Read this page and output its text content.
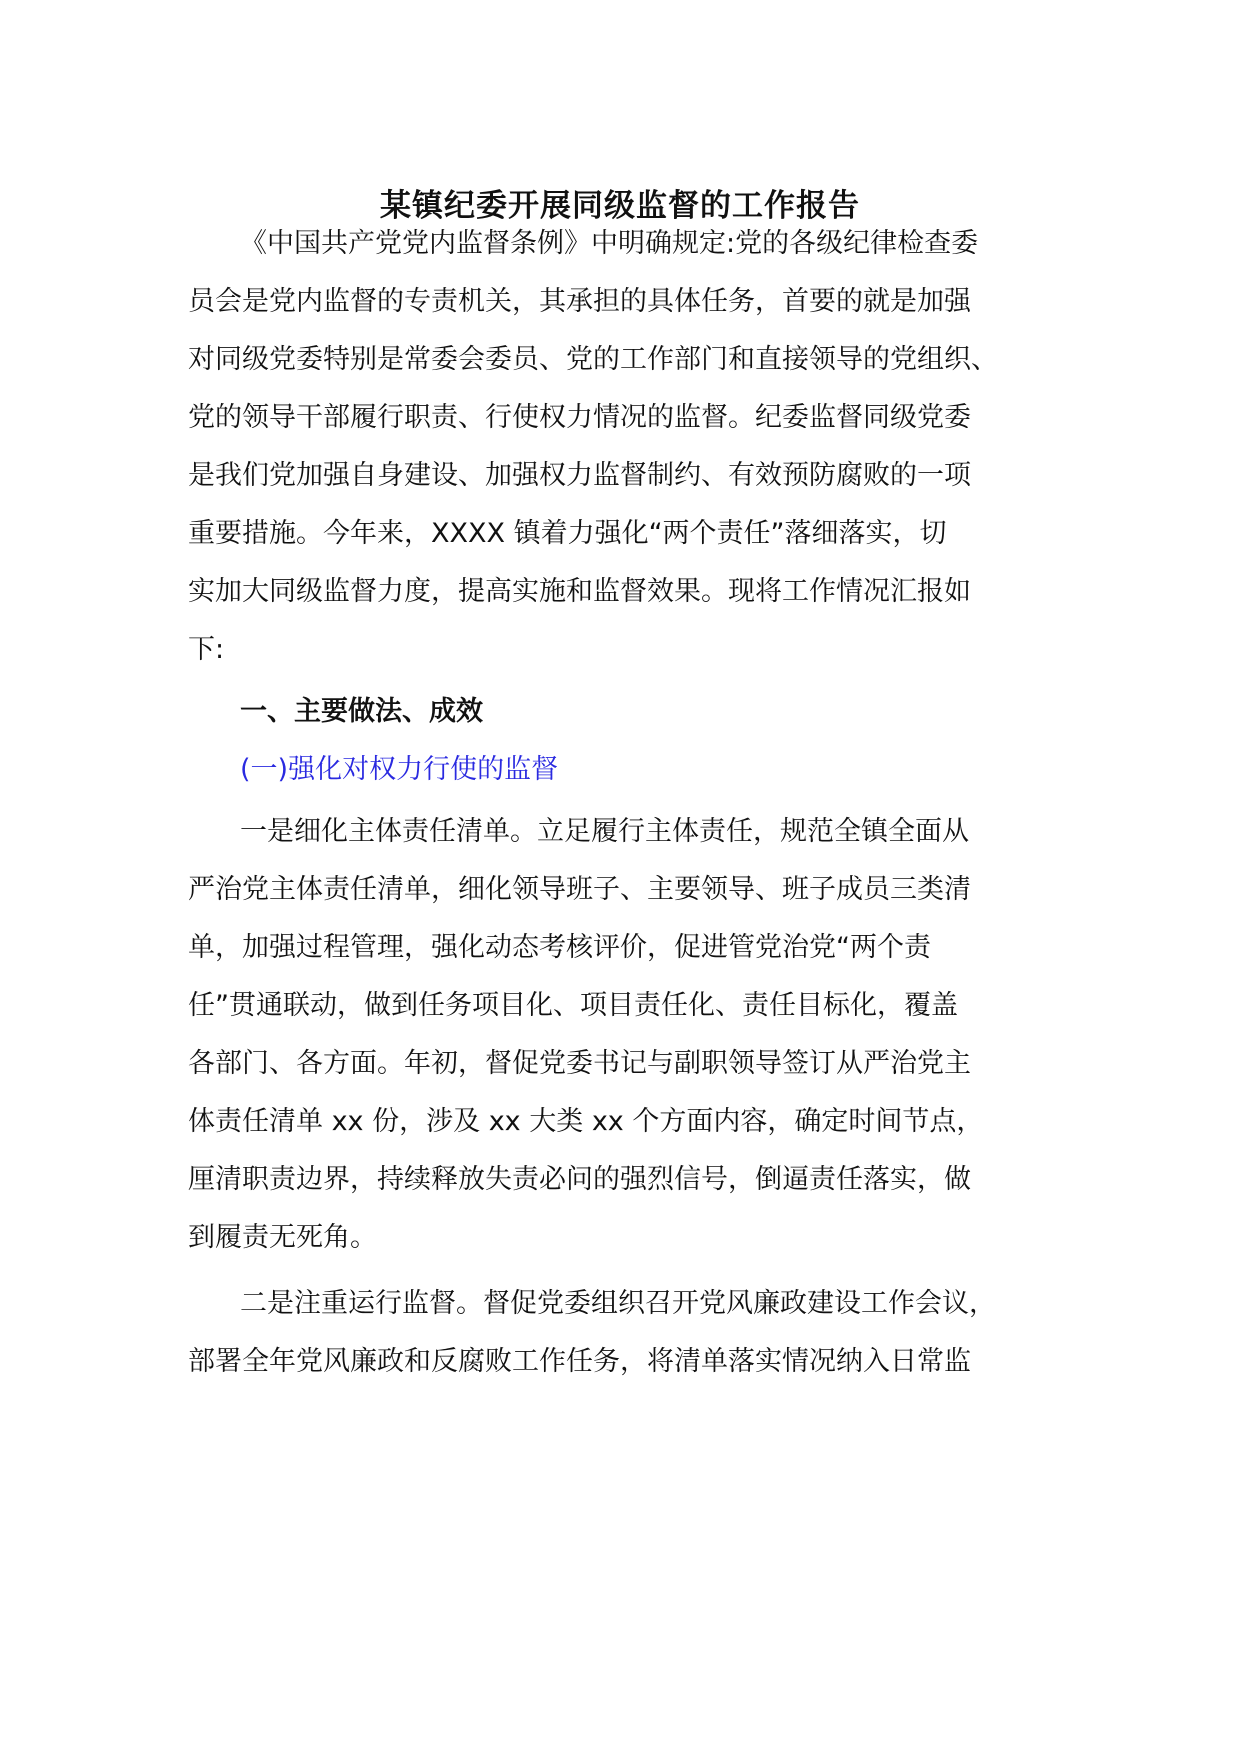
某镇纪委开展同级监督的工作报告
《中国共产党党内监督条例》中明确规定:党的各级纪律检查委
员会是党内监督的专责机关，其承担的具体任务，首要的就是加强
对同级党委特别是常委会委员、党的工作部门和直接领导的党组织、
党的领导干部履行职责、行使权力情况的监督。纪委监督同级党委
是我们党加强自身建设、加强权力监督制约、有效预防腐败的一项
重要措施。今年来，XXXX 镇着力强化“两个责任”落细落实，切
实加大同级监督力度，提高实施和监督效果。现将工作情况汇报如
下:
一、主要做法、成效
(一)强化对权力行使的监督
一是细化主体责任清单。立足履行主体责任，规范全镇全面从
严治党主体责任清单，细化领导班子、主要领导、班子成员三类清
单，加强过程管理，强化动态考核评价，促进管党治党“两个责
任”贯通联动，做到任务项目化、项目责任化、责任目标化，覆盖
各部门、各方面。年初，督促党委书记与副职领导签订从严治党主
体责任清单 xx 份，涉及 xx 大类 xx 个方面内容，确定时间节点，
厘清职责边界，持续释放失责必问的强烈信号，倒逼责任落实，做
到履责无死角。
二是注重运行监督。督促党委组织召开党风廉政建设工作会议，
部署全年党风廉政和反腐败工作任务，将清单落实情况纳入日常监
